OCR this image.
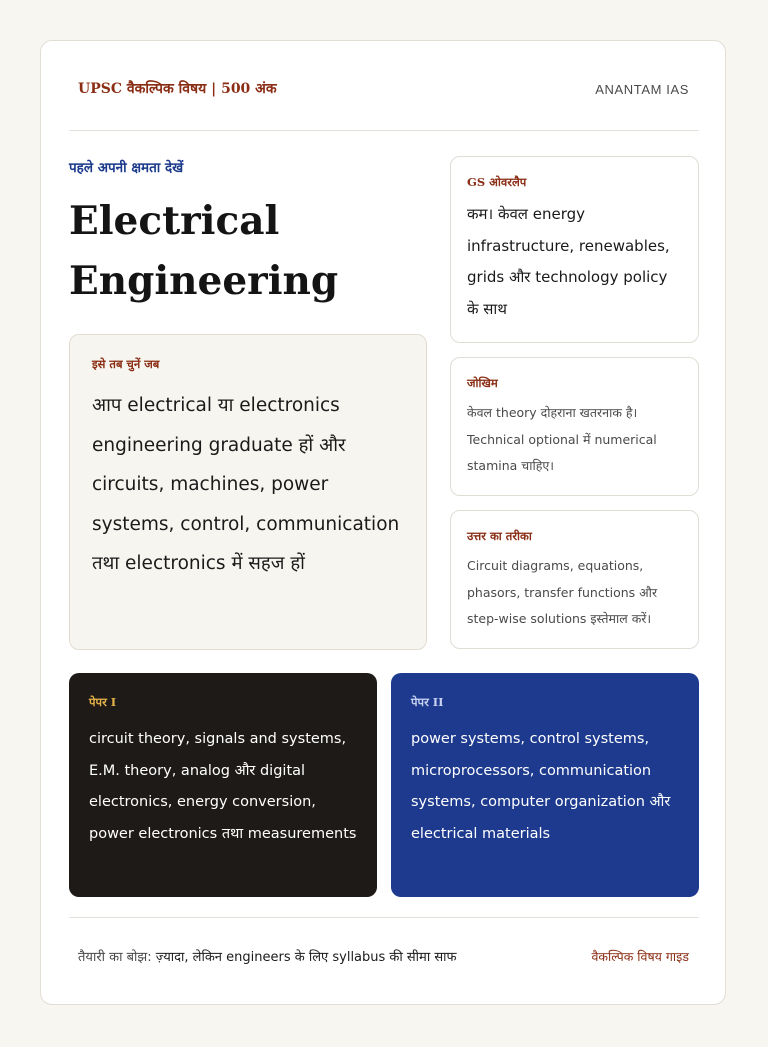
UPSC वैकल्पिक विषय | 500 अंक	ANANTAM IAS
पहले अपनी क्षमता देखें
Electrical
Engineering
इसे तब चुनें जब
आप electrical या electronics engineering graduate हों और circuits, machines, power systems, control, communication तथा electronics में सहज हों
GS ओवरलैप
कम। केवल energy infrastructure, renewables, grids और technology policy के साथ
जोखिम
केवल theory दोहराना खतरनाक है। Technical optional में numerical stamina चाहिए।
उत्तर का तरीका
Circuit diagrams, equations, phasors, transfer functions और step-wise solutions इस्तेमाल करें।
पेपर I
circuit theory, signals and systems, E.M. theory, analog और digital electronics, energy conversion, power electronics तथा measurements
पेपर II
power systems, control systems, microprocessors, communication systems, computer organization और electrical materials
तैयारी का बोझ: ज़्यादा, लेकिन engineers के लिए syllabus की सीमा साफ	वैकल्पिक विषय गाइड
